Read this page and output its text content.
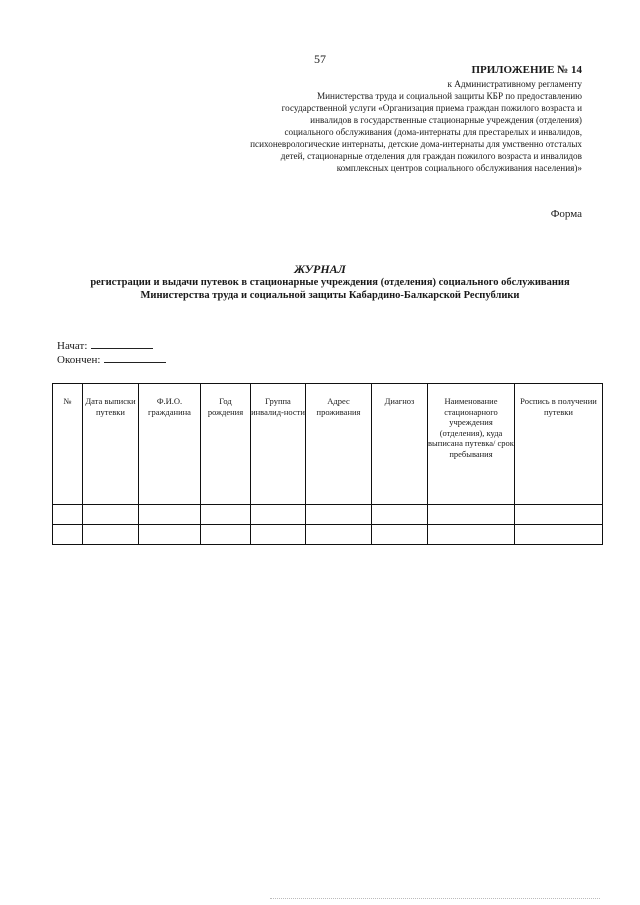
57
ПРИЛОЖЕНИЕ № 14
к Административному регламенту
Министерства труда и социальной защиты КБР по предоставлению
государственной услуги «Организация приема граждан пожилого возраста и
инвалидов в государственные стационарные учреждения (отделения)
социального обслуживания (дома-интернаты для престарелых и инвалидов,
психоневрологические интернаты, детские дома-интернаты для умственно отсталых
детей, стационарные отделения для граждан пожилого возраста и инвалидов
комплексных центров социального обслуживания населения)»
Форма
ЖУРНАЛ
регистрации и выдачи путевок в стационарные учреждения (отделения) социального обслуживания Министерства труда и социальной защиты Кабардино-Балкарской Республики
Начат:
Окончен:
№	Дата выписки путевки	Ф.И.О. гражданина	Год рождения	Группа инвалид-ности	Адрес проживания	Диагноз	Наименование стационарного учреждения (отделения), куда выписана путевка/ срок пребывания	Роспись в получении путевки
